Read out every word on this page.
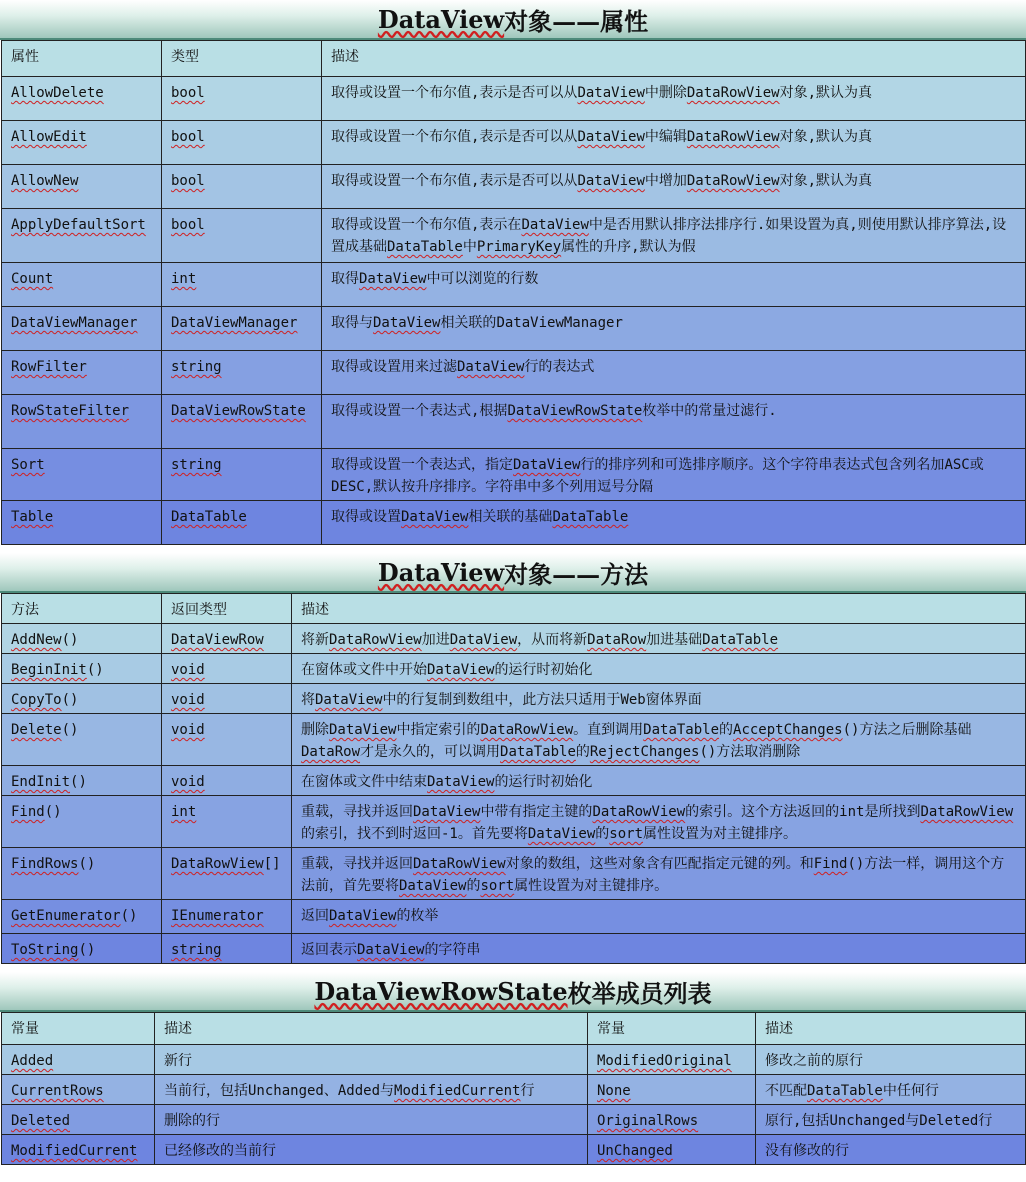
DataView 对象——属性
属性	类型	描述
AllowDelete	bool	取得或设置一个布尔值,表示是否可以从DataView中删除DataRowView对象,默认为真
AllowEdit	bool	取得或设置一个布尔值,表示是否可以从DataView中编辑DataRowView对象,默认为真
AllowNew	bool	取得或设置一个布尔值,表示是否可以从DataView中增加DataRowView对象,默认为真
ApplyDefaultSort	bool	取得或设置一个布尔值,表示在DataView中是否用默认排序法排序行.如果设置为真,则使用默认排序算法,设置成基础DataTable中PrimaryKey属性的升序,默认为假
Count	int	取得DataView中可以浏览的行数
DataViewManager	DataViewManager	取得与DataView相关联的DataViewManager
RowFilter	string	取得或设置用来过滤DataView行的表达式
RowStateFilter	DataViewRowState	取得或设置一个表达式,根据DataViewRowState枚举中的常量过滤行.
Sort	string	取得或设置一个表达式，指定DataView行的排序列和可选排序顺序。这个字符串表达式包含列名加ASC或DESC,默认按升序排序。字符串中多个列用逗号分隔
Table	DataTable	取得或设置DataView相关联的基础DataTable
DataView 对象——方法
方法	返回类型	描述
AddNew()	DataViewRow	将新DataRowView加进DataView，从而将新DataRow加进基础DataTable
BeginInit()	void	在窗体或文件中开始DataView的运行时初始化
CopyTo()	void	将DataView中的行复制到数组中，此方法只适用于Web窗体界面
Delete()	void	删除DataView中指定索引的DataRowView。直到调用DataTable的AcceptChanges()方法之后删除基础DataRow才是永久的，可以调用DataTable的RejectChanges()方法取消删除
EndInit()	void	在窗体或文件中结束DataView的运行时初始化
Find()	int	重载，寻找并返回DataView中带有指定主键的DataRowView的索引。这个方法返回的int是所找到DataRowView的索引，找不到时返回-1。首先要将DataView的sort属性设置为对主键排序。
FindRows()	DataRowView[]	重载，寻找并返回DataRowView对象的数组，这些对象含有匹配指定元键的列。和Find()方法一样，调用这个方法前，首先要将DataView的sort属性设置为对主键排序。
GetEnumerator()	IEnumerator	返回DataView的枚举
ToString()	string	返回表示DataView的字符串
DataViewRowState 枚举成员列表
常量	描述	常量	描述
Added	新行	ModifiedOriginal	修改之前的原行
CurrentRows	当前行，包括Unchanged、Added与ModifiedCurrent行	None	不匹配DataTable中任何行
Deleted	删除的行	OriginalRows	原行,包括Unchanged与Deleted行
ModifiedCurrent	已经修改的当前行	UnChanged	没有修改的行
